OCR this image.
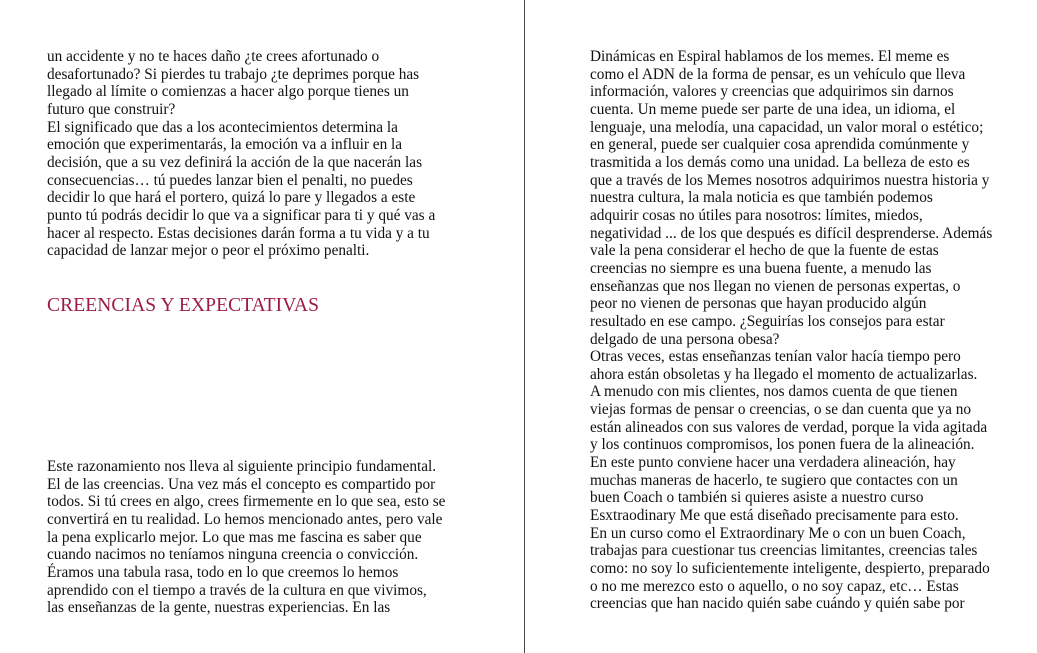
un accidente y no te haces daño ¿te crees afortunado o
desafortunado? Si pierdes tu trabajo ¿te deprimes porque has
llegado al límite o comienzas a hacer algo porque tienes un
futuro que construir?
El significado que das a los acontecimientos determina la
emoción que experimentarás, la emoción va a influir en la
decisión, que a su vez definirá la acción de la que nacerán las
consecuencias… tú puedes lanzar bien el penalti, no puedes
decidir lo que hará el portero, quizá lo pare y llegados a este
punto tú podrás decidir lo que va a significar para ti y qué vas a
hacer al respecto. Estas decisiones darán forma a tu vida y a tu
capacidad de lanzar mejor o peor el próximo penalti.
CREENCIAS Y EXPECTATIVAS
Este razonamiento nos lleva al siguiente principio fundamental.
El de las creencias. Una vez más el concepto es compartido por
todos. Si tú crees en algo, crees firmemente en lo que sea, esto se
convertirá en tu realidad. Lo hemos mencionado antes, pero vale
la pena explicarlo mejor. Lo que mas me fascina es saber que
cuando nacimos no teníamos ninguna creencia o convicción.
Éramos una tabula rasa, todo en lo que creemos lo hemos
aprendido con el tiempo a través de la cultura en que vivimos,
las enseñanzas de la gente, nuestras experiencias. En las
Dinámicas en Espiral hablamos de los memes. El meme es
como el ADN de la forma de pensar, es un vehículo que lleva
información, valores y creencias que adquirimos sin darnos
cuenta. Un meme puede ser parte de una idea, un idioma, el
lenguaje, una melodía, una capacidad, un valor moral o estético;
en general, puede ser cualquier cosa aprendida comúnmente y
trasmitida a los demás como una unidad. La belleza de esto es
que a través de los Memes nosotros adquirimos nuestra historia y
nuestra cultura, la mala noticia es que también podemos
adquirir cosas no útiles para nosotros: límites, miedos,
negatividad ... de los que después es difícil desprenderse. Además
vale la pena considerar el hecho de que la fuente de estas
creencias no siempre es una buena fuente, a menudo las
enseñanzas que nos llegan no vienen de personas expertas, o
peor no vienen de personas que hayan producido algún
resultado en ese campo. ¿Seguirías los consejos para estar
delgado de una persona obesa?
Otras veces, estas enseñanzas tenían valor hacía tiempo pero
ahora están obsoletas y ha llegado el momento de actualizarlas.
A menudo con mis clientes, nos damos cuenta de que tienen
viejas formas de pensar o creencias, o se dan cuenta que ya no
están alineados con sus valores de verdad, porque la vida agitada
y los continuos compromisos, los ponen fuera de la alineación.
En este punto conviene hacer una verdadera alineación, hay
muchas maneras de hacerlo, te sugiero que contactes con un
buen Coach o también si quieres asiste a nuestro curso
Esxtraodinary Me que está diseñado precisamente para esto.
En un curso como el Extraordinary Me o con un buen Coach,
trabajas para cuestionar tus creencias limitantes, creencias tales
como: no soy lo suficientemente inteligente, despierto, preparado
o no me merezco esto o aquello, o no soy capaz, etc… Estas
creencias que han nacido quién sabe cuándo y quién sabe por
